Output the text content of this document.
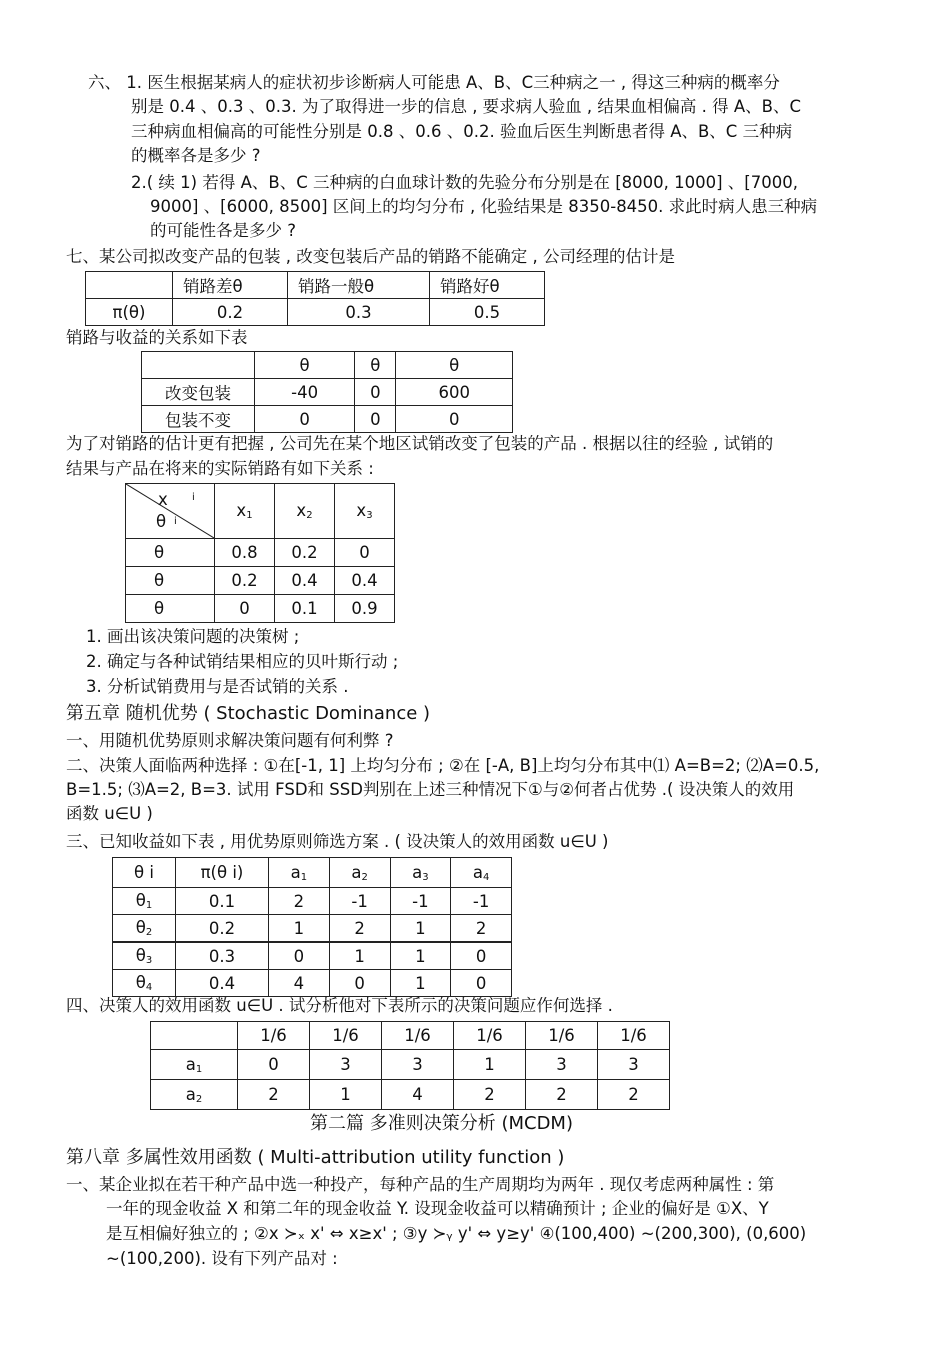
六、 1. 医生根据某病人的症状初步诊断病人可能患 A、B、C三种病之一 , 得这三种病的概率分
别是 0.4 、0.3 、0.3. 为了取得进一步的信息 , 要求病人验血 , 结果血相偏高 . 得 A、B、C
三种病血相偏高的可能性分别是 0.8 、0.6 、0.2. 验血后医生判断患者得 A、B、C 三种病
的概率各是多少 ?
2.( 续 1) 若得 A、B、C 三种病的白血球计数的先验分布分别是在 [8000, 1000] 、[7000,
9000] 、[6000, 8500] 区间上的均匀分布 , 化验结果是 8350-8450. 求此时病人患三种病
的可能性各是多少 ?
七、某公司拟改变产品的包装 , 改变包装后产品的销路不能确定 , 公司经理的估计是
	销路差θ	销路一般θ	销路好θ
π(θ)	0.2	0.3	0.5
销路与收益的关系如下表
	θ	θ	θ
改变包装	-40	0	600
包装不变	0	0	0
为了对销路的估计更有把握 , 公司先在某个地区试销改变了包装的产品 . 根据以往的经验 , 试销的
结果与产品在将来的实际销路有如下关系 :
x i
θ i	$x_1$	$x_2$	$x_3$
θ	0.8	0.2	0
θ	0.2	0.4	0.4
θ	0	0.1	0.9
1. 画出该决策问题的决策树 ;
2. 确定与各种试销结果相应的贝叶斯行动 ;
3. 分析试销费用与是否试销的关系 .
第五章 随机优势 ( Stochastic Dominance )
一、用随机优势原则求解决策问题有何利弊 ?
二、决策人面临两种选择 : ①在[-1, 1] 上均匀分布 ; ②在 [-A, B]上均匀分布其中⑴ A=B=2; ⑵A=0.5,
B=1.5; ⑶A=2, B=3. 试用 FSD和 SSD判别在上述三种情况下①与②何者占优势 .( 设决策人的效用
函数 u∈U )
三、已知收益如下表 , 用优势原则筛选方案 . ( 设决策人的效用函数 u∈U )
θ i	π(θ i)	$a_1$	$a_2$	$a_3$	$a_4$
$\theta_1$	0.1	2	-1	-1	-1
$\theta_2$	0.2	1	2	1	2
$\theta_3$	0.3	0	1	1	0
$\theta_4$	0.4	4	0	1	0
四、决策人的效用函数 u∈U . 试分析他对下表所示的决策问题应作何选择 .
	1/6	1/6	1/6	1/6	1/6	1/6
$a_1$	0	3	3	1	3	3
$a_2$	2	1	4	2	2	2
第二篇 多准则决策分析 (MCDM)
第八章 多属性效用函数 ( Multi-attribution utility function )
一、某企业拟在若干种产品中选一种投产，每种产品的生产周期均为两年 . 现仅考虑两种属性 : 第
一年的现金收益 X 和第二年的现金收益 Y. 设现金收益可以精确预计 ; 企业的偏好是 ①X、Y
是互相偏好独立的 ; ②x ≻ₓ x' ⇔ x≥x' ; ③y ≻ᵧ y' ⇔ y≥y' ④(100,400) ~(200,300), (0,600)
~(100,200). 设有下列产品对 :
